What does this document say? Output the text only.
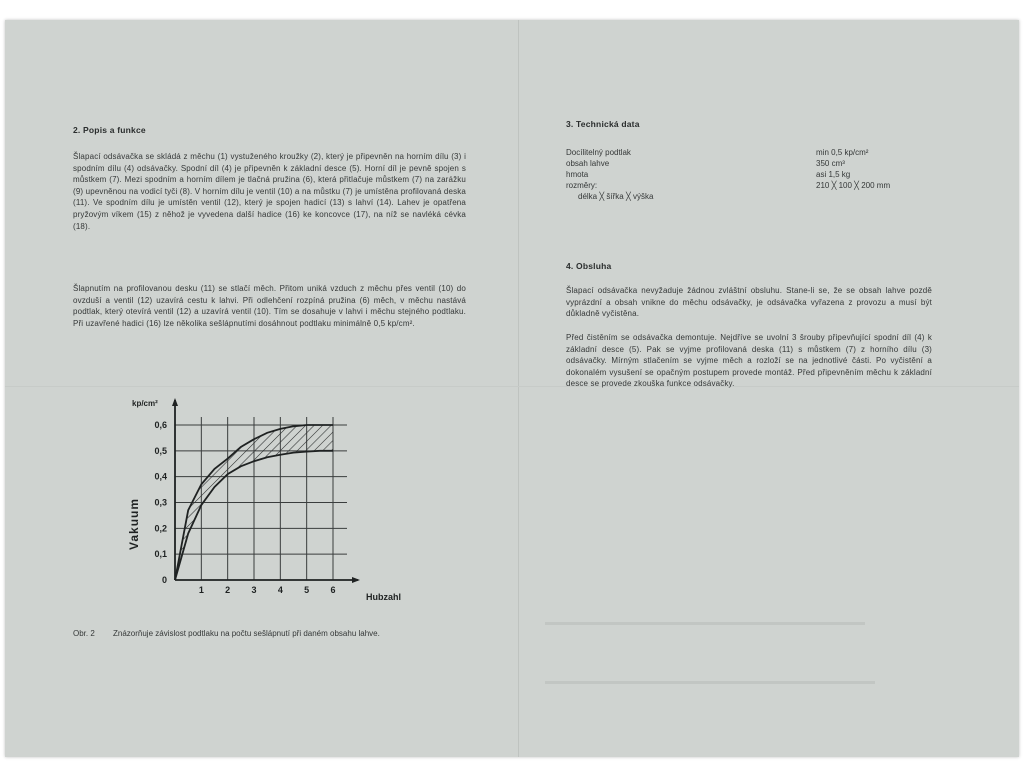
2. Popis a funkce
Šlapací odsávačka se skládá z měchu (1) vystuženého kroužky (2), který je připevněn na horním dílu (3) i spodním dílu (4) odsávačky. Spodní díl (4) je připevněn k základní desce (5). Horní díl je pevně spojen s můstkem (7). Mezi spodním a horním dílem je tlačná pružina (6), která přitlačuje můstkem (7) na zarážku (9) upevněnou na vodicí tyči (8). V horním dílu je ventil (10) a na můstku (7) je umístěna profilovaná deska (11). Ve spodním dílu je umístěn ventil (12), který je spojen hadicí (13) s lahví (14). Lahev je opatřena pryžovým víkem (15) z něhož je vyvedena další hadice (16) ke koncovce (17), na níž se navléká cévka (18).
Šlapnutím na profilovanou desku (11) se stlačí měch. Přitom uniká vzduch z měchu přes ventil (10) do ovzduší a ventil (12) uzavírá cestu k lahvi. Při odlehčení rozpíná pružina (6) měch, v měchu nastává podtlak, který otevírá ventil (12) a uzavírá ventil (10). Tím se dosahuje v lahvi i měchu stejného podtlaku. Při uzavřené hadici (16) lze několika sešlápnutími dosáhnout podtlaku minimálně 0,5 kp/cm².
0
0,1
0,2
0,3
0,4
0,5
0,6
1 2 3 4 5 6
kp/cm²
Vakuum
Hubzahl
Obr. 2 Znázorňuje závislost podtlaku na počtu sešlápnutí při daném obsahu lahve.
3. Technická data
Docílitelný podtlak	min 0,5 kp/cm²
obsah lahve	350 cm³
hmota	asi 1,5 kg
rozměry:	210 ╳ 100 ╳ 200 mm
délka ╳ šířka ╳ výška
4. Obsluha
Šlapací odsávačka nevyžaduje žádnou zvláštní obsluhu. Stane-li se, že se obsah lahve pozdě vyprázdní a obsah vnikne do měchu odsávačky, je odsávačka vyřazena z provozu a musí být důkladně vyčistěna.
Před čistěním se odsávačka demontuje. Nejdříve se uvolní 3 šrouby připevňující spodní díl (4) k základní desce (5). Pak se vyjme profilovaná deska (11) s můstkem (7) z horního dílu (3) odsávačky. Mírným stlačením se vyjme měch a rozloží se na jednotlivé části. Po vyčistění a dokonalém vysušení se opačným postupem provede montáž. Před připevněním měchu k základní desce se provede zkouška funkce odsávačky.
